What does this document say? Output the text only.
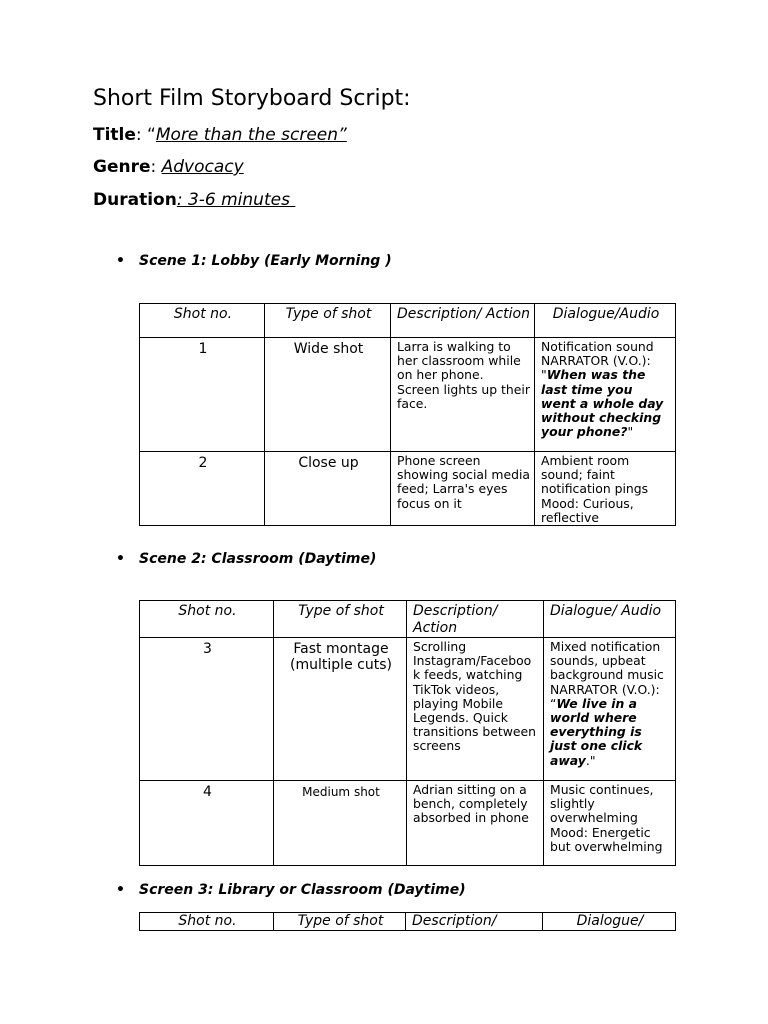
Short Film Storyboard Script:
Title: “More than the screen”
Genre: Advocacy
Duration: 3-6 minutes
• Scene 1: Lobby (Early Morning )
Shot no.	Type of shot	Description/ Action	Dialogue/Audio
1	Wide shot	Larra is walking to her classroom while on her phone. Screen lights up their face.	Notification sound NARRATOR (V.O.): "When was the last time you went a whole day without checking your phone?"
2	Close up	Phone screen showing social media feed; Larra's eyes focus on it	Ambient room sound; faint notification pings Mood: Curious, reflective
• Scene 2: Classroom (Daytime)
Shot no.	Type of shot	Description/ Action	Dialogue/ Audio
3	Fast montage (multiple cuts)	Scrolling Instagram/Faceboo k feeds, watching TikTok videos, playing Mobile Legends. Quick transitions between screens	Mixed notification sounds, upbeat background music NARRATOR (V.O.): “We live in a world where everything is just one click away."
4	Medium shot	Adrian sitting on a bench, completely absorbed in phone	Music continues, slightly overwhelming Mood: Energetic but overwhelming
• Screen 3: Library or Classroom (Daytime)
Shot no.	Type of shot	Description/	Dialogue/
